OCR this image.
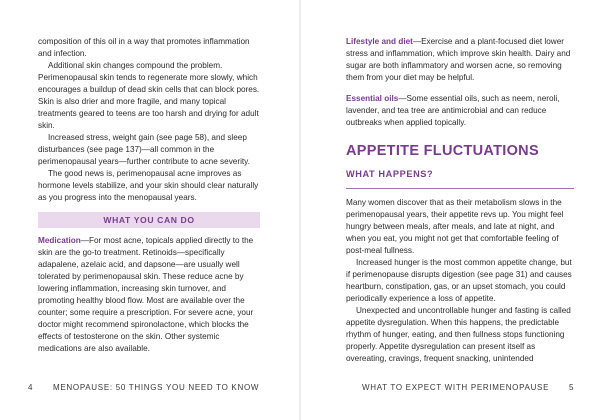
composition of this oil in a way that promotes inflammation and infection.

Additional skin changes compound the problem. Perimenopausal skin tends to regenerate more slowly, which encourages a buildup of dead skin cells that can block pores. Skin is also drier and more fragile, and many topical treatments geared to teens are too harsh and drying for adult skin.

Increased stress, weight gain (see page 58), and sleep disturbances (see page 137)—all common in the perimenopausal years—further contribute to acne severity.

The good news is, perimenopausal acne improves as hormone levels stabilize, and your skin should clear naturally as you progress into the menopausal years.

WHAT YOU CAN DO

Medication—For most acne, topicals applied directly to the skin are the go-to treatment. Retinoids—specifically adapalene, azelaic acid, and dapsone—are usually well tolerated by perimenopausal skin. These reduce acne by lowering inflammation, increasing skin turnover, and promoting healthy blood flow. Most are available over the counter; some require a prescription. For severe acne, your doctor might recommend spironolactone, which blocks the effects of testosterone on the skin. Other systemic medications are also available.

Lifestyle and diet—Exercise and a plant-focused diet lower stress and inflammation, which improve skin health. Dairy and sugar are both inflammatory and worsen acne, so removing them from your diet may be helpful.

Essential oils—Some essential oils, such as neem, neroli, lavender, and tea tree are antimicrobial and can reduce outbreaks when applied topically.

APPETITE FLUCTUATIONS
WHAT HAPPENS?

Many women discover that as their metabolism slows in the perimenopausal years, their appetite revs up. You might feel hungry between meals, after meals, and late at night, and when you eat, you might not get that comfortable feeling of post-meal fullness.

Increased hunger is the most common appetite change, but if perimenopause disrupts digestion (see page 31) and causes heartburn, constipation, gas, or an upset stomach, you could periodically experience a loss of appetite.

Unexpected and uncontrollable hunger and fasting is called appetite dysregulation. When this happens, the predictable rhythm of hunger, eating, and then fullness stops functioning properly. Appetite dysregulation can present itself as overeating, cravings, frequent snacking, unintended

4 MENOPAUSE: 50 THINGS YOU NEED TO KNOW	WHAT TO EXPECT WITH PERIMENOPAUSE 5
